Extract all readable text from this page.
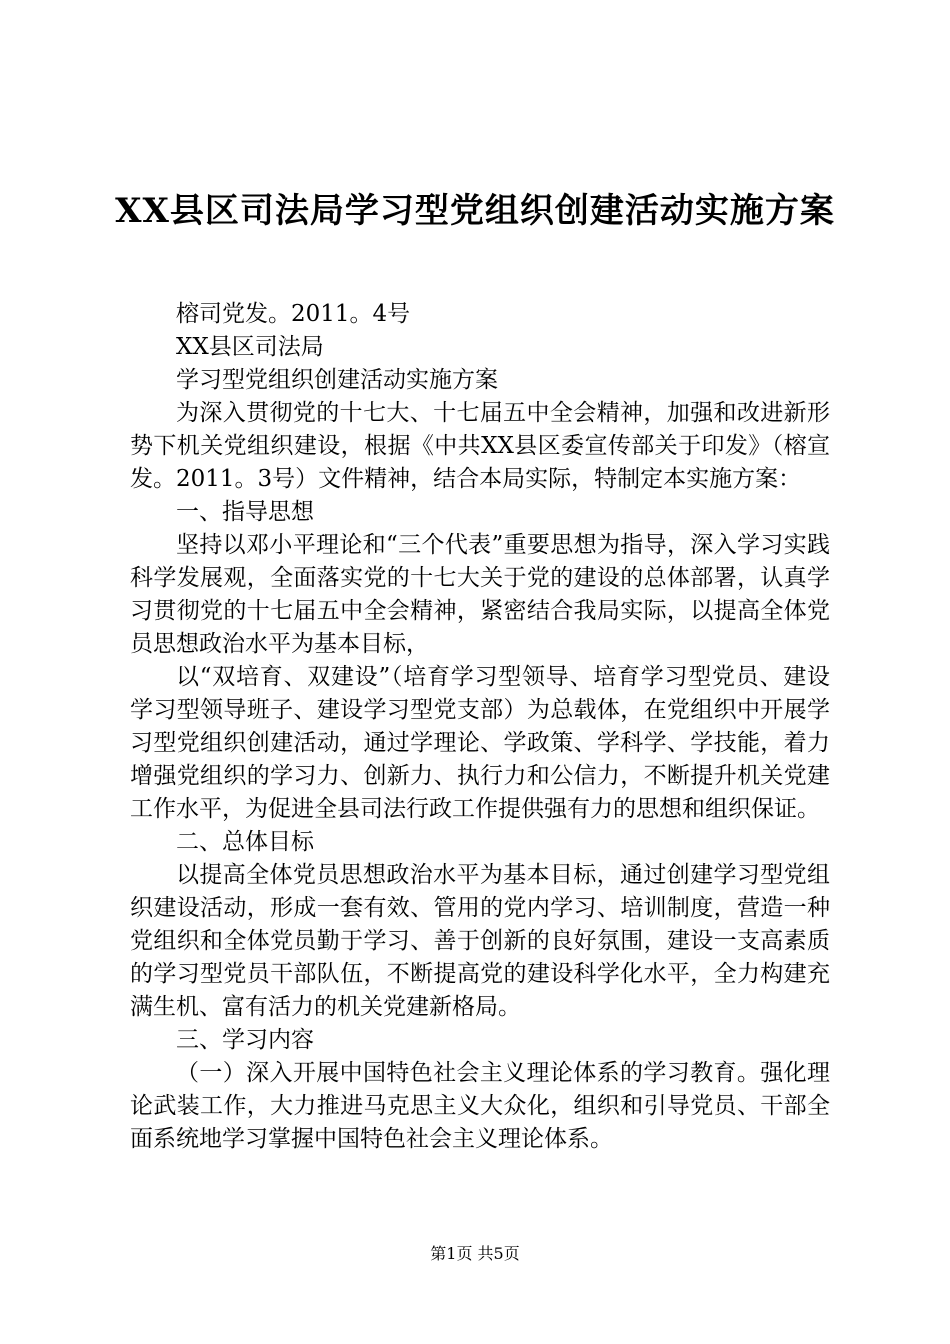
XX县区司法局学习型党组织创建活动实施方案

榕司党发。2011。4号

XX县区司法局

学习型党组织创建活动实施方案

为深入贯彻党的十七大、十七届五中全会精神，加强和改进新形势下机关党组织建设，根据《中共XX县区委宣传部关于印发》（榕宣发。2011。3号）文件精神，结合本局实际，特制定本实施方案：

一、指导思想

坚持以邓小平理论和“三个代表”重要思想为指导，深入学习实践科学发展观，全面落实党的十七大关于党的建设的总体部署，认真学习贯彻党的十七届五中全会精神，紧密结合我局实际，以提高全体党员思想政治水平为基本目标，

以“双培育、双建设”（培育学习型领导、培育学习型党员、建设学习型领导班子、建设学习型党支部）为总载体，在党组织中开展学习型党组织创建活动，通过学理论、学政策、学科学、学技能，着力增强党组织的学习力、创新力、执行力和公信力，不断提升机关党建工作水平，为促进全县司法行政工作提供强有力的思想和组织保证。

二、总体目标

以提高全体党员思想政治水平为基本目标，通过创建学习型党组织建设活动，形成一套有效、管用的党内学习、培训制度，营造一种党组织和全体党员勤于学习、善于创新的良好氛围，建设一支高素质的学习型党员干部队伍，不断提高党的建设科学化水平，全力构建充满生机、富有活力的机关党建新格局。

三、学习内容

（一）深入开展中国特色社会主义理论体系的学习教育。强化理论武装工作，大力推进马克思主义大众化，组织和引导党员、干部全面系统地学习掌握中国特色社会主义理论体系。

第1页 共5页
